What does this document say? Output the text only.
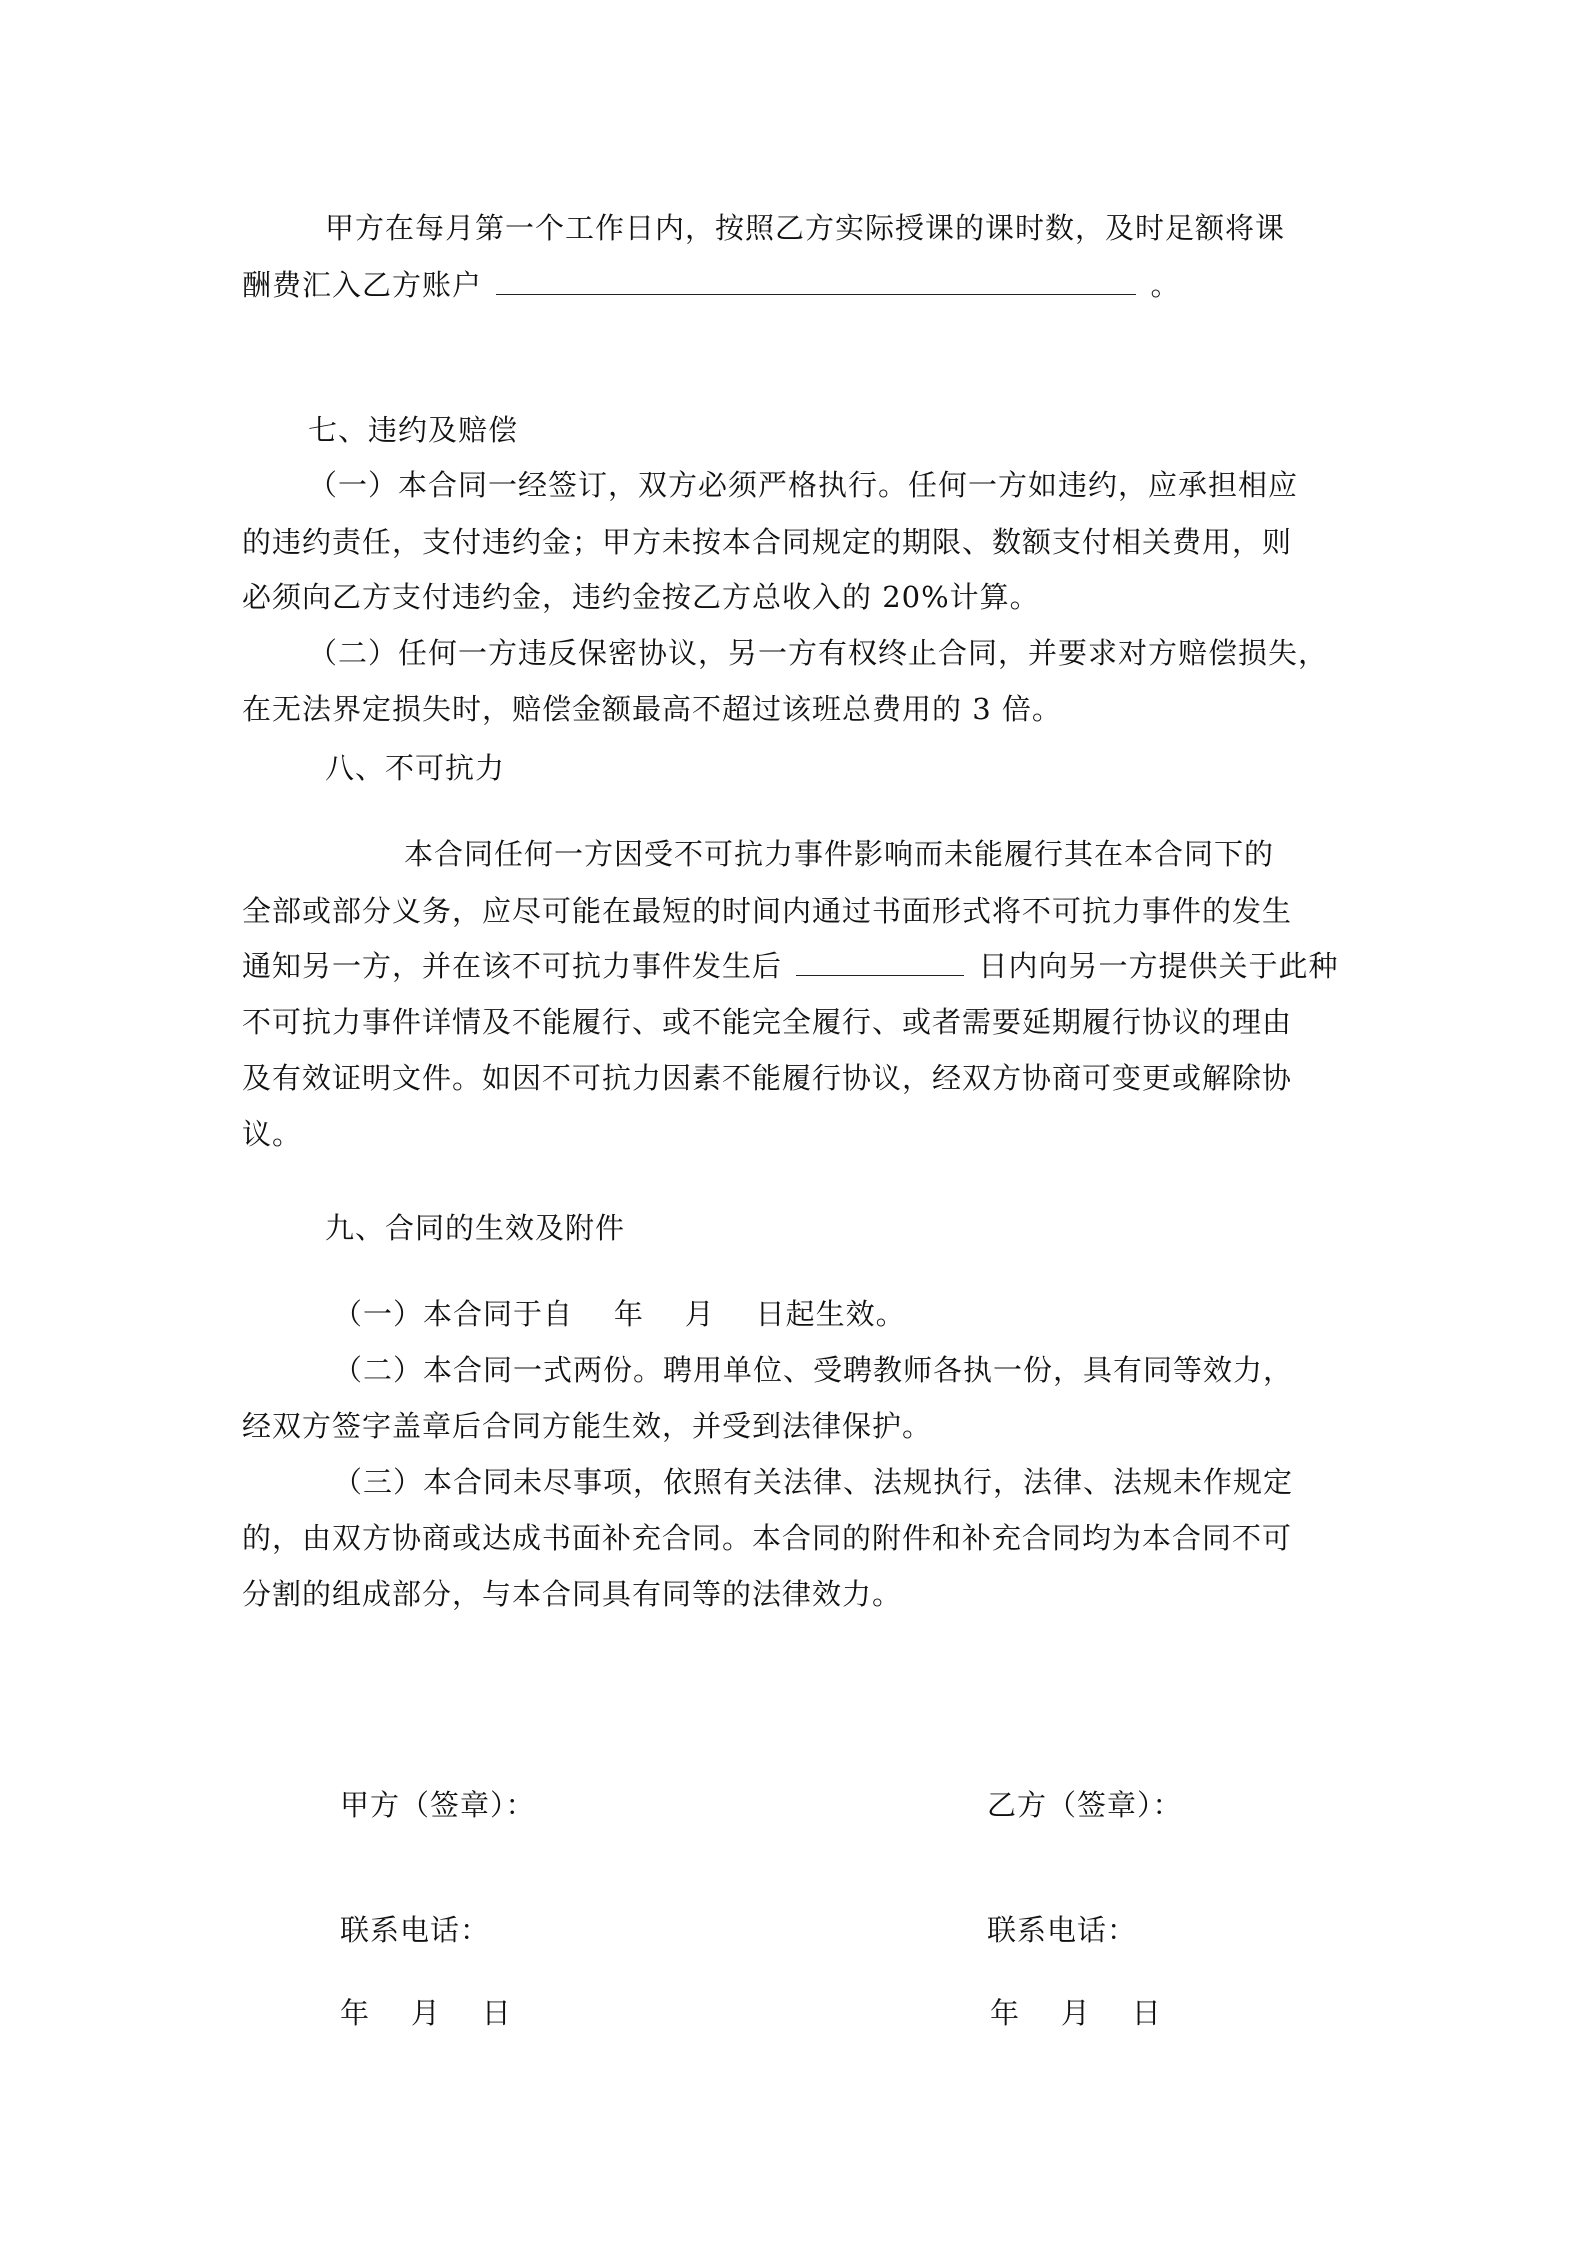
甲方在每月第一个工作日内，按照乙方实际授课的课时数，及时足额将课
酬费汇入乙方账户	。
七、违约及赔偿
（一）本合同一经签订，双方必须严格执行。任何一方如违约，应承担相应
的违约责任，支付违约金；甲方未按本合同规定的期限、数额支付相关费用，则
必须向乙方支付违约金，违约金按乙方总收入的 20%计算。
（二）任何一方违反保密协议，另一方有权终止合同，并要求对方赔偿损失，
在无法界定损失时，赔偿金额最高不超过该班总费用的 3 倍。
八、不可抗力
本合同任何一方因受不可抗力事件影响而未能履行其在本合同下的
全部或部分义务，应尽可能在最短的时间内通过书面形式将不可抗力事件的发生
通知另一方，并在该不可抗力事件发生后	日内向另一方提供关于此种
不可抗力事件详情及不能履行、或不能完全履行、或者需要延期履行协议的理由
及有效证明文件。如因不可抗力因素不能履行协议，经双方协商可变更或解除协
议。
九、合同的生效及附件
（一）本合同于自    年    月    日起生效。
（二）本合同一式两份。聘用单位、受聘教师各执一份，具有同等效力，
经双方签字盖章后合同方能生效，并受到法律保护。
（三）本合同未尽事项，依照有关法律、法规执行，法律、法规未作规定
的，由双方协商或达成书面补充合同。本合同的附件和补充合同均为本合同不可
分割的组成部分，与本合同具有同等的法律效力。
甲方（签章）：
联系电话：
年    月    日
乙方（签章）：
联系电话：
年    月    日
